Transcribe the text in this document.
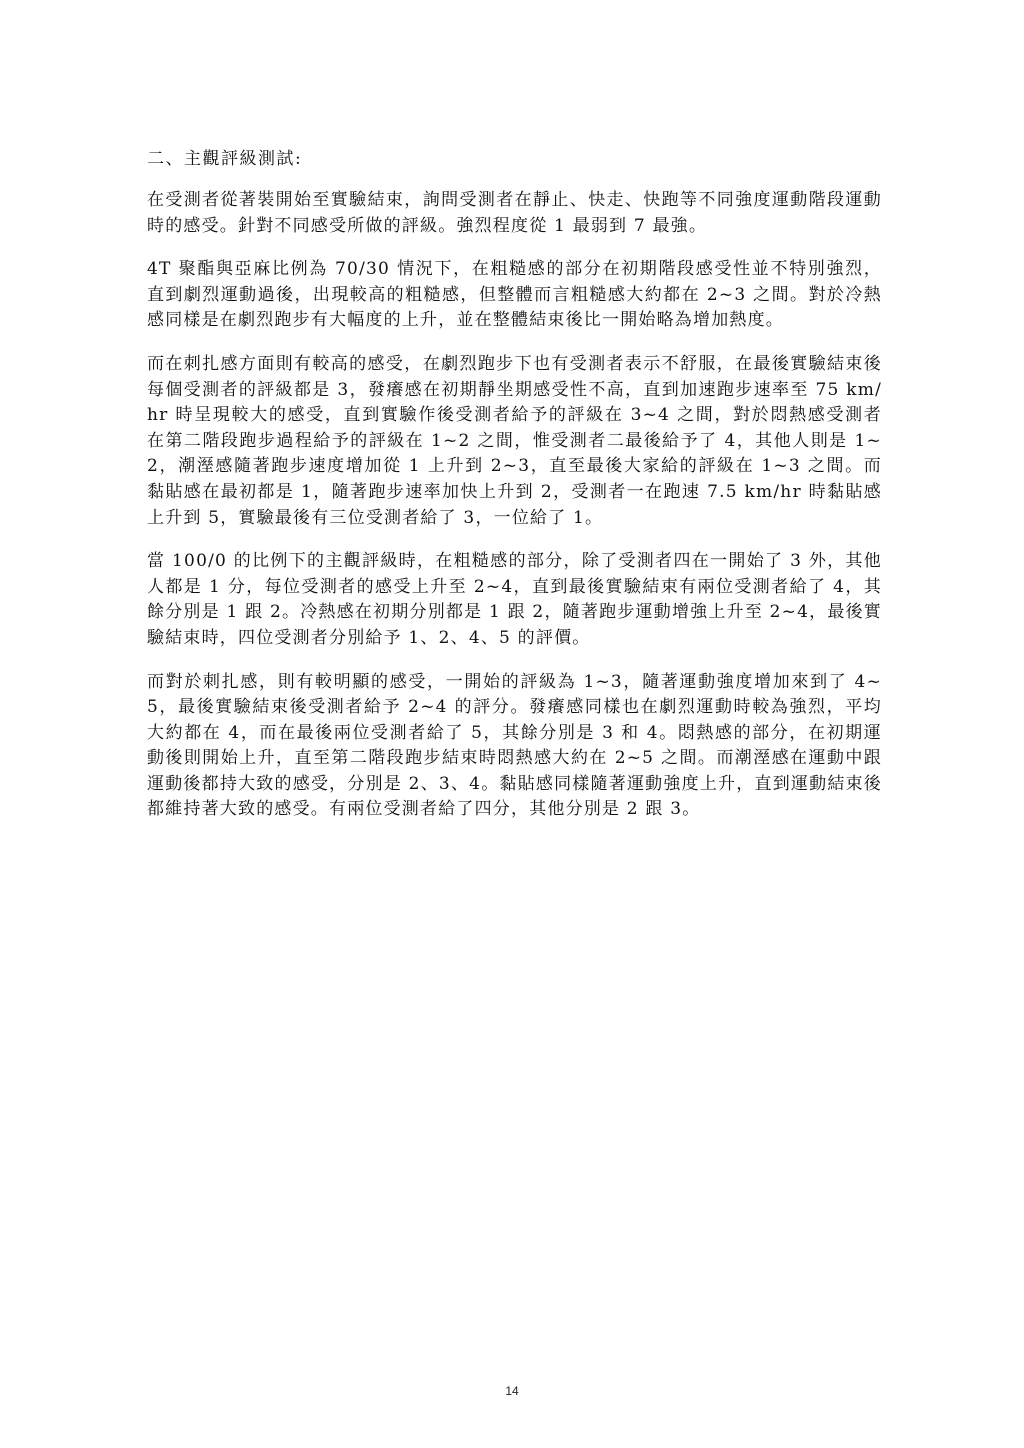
二、主觀評級測試:

在受測者從著裝開始至實驗結束，詢問受測者在靜止、快走、快跑等不同強度運動階段運動時的感受。針對不同感受所做的評級。強烈程度從 1 最弱到 7 最強。

4T 聚酯與亞麻比例為 70/30 情況下，在粗糙感的部分在初期階段感受性並不特別強烈，直到劇烈運動過後，出現較高的粗糙感，但整體而言粗糙感大約都在 2~3 之間。對於冷熱感同樣是在劇烈跑步有大幅度的上升，並在整體結束後比一開始略為增加熱度。

而在刺扎感方面則有較高的感受，在劇烈跑步下也有受測者表示不舒服，在最後實驗結束後每個受測者的評級都是 3，發癢感在初期靜坐期感受性不高，直到加速跑步速率至 75 km/hr 時呈現較大的感受，直到實驗作後受測者給予的評級在 3~4 之間，對於悶熱感受測者在第二階段跑步過程給予的評級在 1~2 之間，惟受測者二最後給予了 4，其他人則是 1~2，潮溼感隨著跑步速度增加從 1 上升到 2~3，直至最後大家給的評級在 1~3 之間。而黏貼感在最初都是 1，隨著跑步速率加快上升到 2，受測者一在跑速 7.5 km/hr 時黏貼感上升到 5，實驗最後有三位受測者給了 3，一位給了 1。

當 100/0 的比例下的主觀評級時，在粗糙感的部分，除了受測者四在一開始了 3 外，其他人都是 1 分，每位受測者的感受上升至 2~4，直到最後實驗結束有兩位受測者給了 4，其餘分別是 1 跟 2。冷熱感在初期分別都是 1 跟 2，隨著跑步運動增強上升至 2~4，最後實驗結束時，四位受測者分別給予 1、2、4、5 的評價。

而對於刺扎感，則有較明顯的感受，一開始的評級為 1~3，隨著運動強度增加來到了 4~5，最後實驗結束後受測者給予 2~4 的評分。發癢感同樣也在劇烈運動時較為強烈，平均大約都在 4，而在最後兩位受測者給了 5，其餘分別是 3 和 4。悶熱感的部分，在初期運動後則開始上升，直至第二階段跑步結束時悶熱感大約在 2~5 之間。而潮溼感在運動中跟運動後都持大致的感受，分別是 2、3、4。黏貼感同樣隨著運動強度上升，直到運動結束後都維持著大致的感受。有兩位受測者給了四分，其他分別是 2 跟 3。

14
